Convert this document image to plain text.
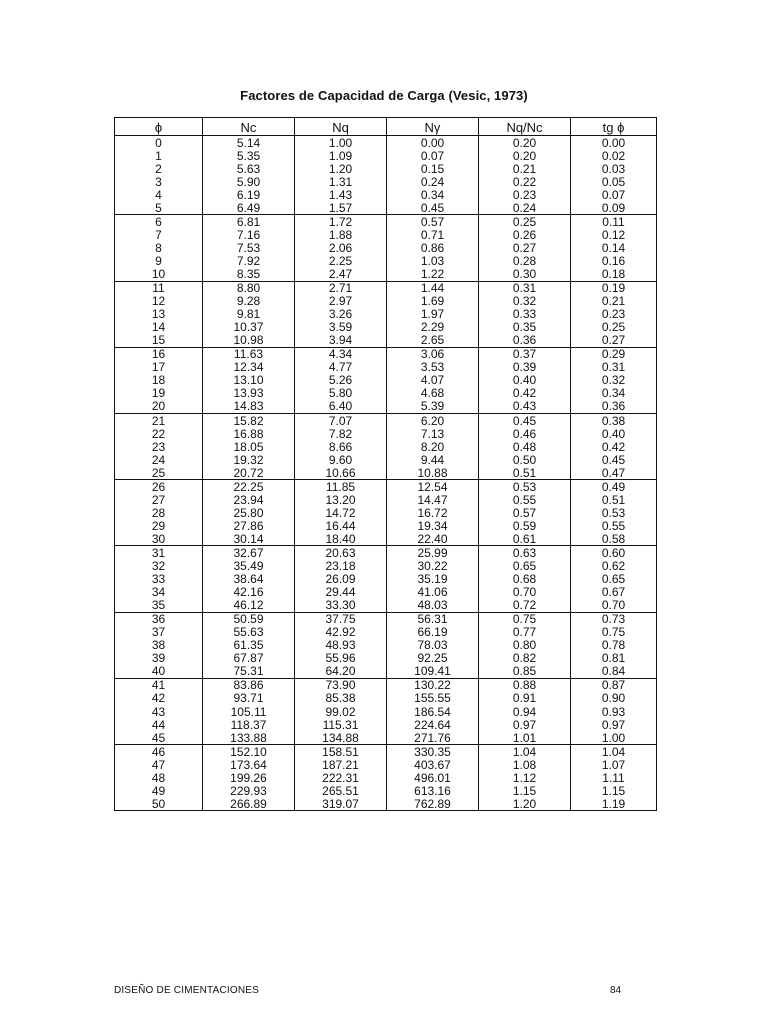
Factores de Capacidad de Carga (Vesic, 1973)
ϕ	Nc	Nq	Nγ	Nq/Nc	tg ϕ
0	5.14	1.00	0.00	0.20	0.00
1	5.35	1.09	0.07	0.20	0.02
2	5.63	1.20	0.15	0.21	0.03
3	5.90	1.31	0.24	0.22	0.05
4	6.19	1.43	0.34	0.23	0.07
5	6.49	1.57	0.45	0.24	0.09
6	6.81	1.72	0.57	0.25	0.11
7	7.16	1.88	0.71	0.26	0.12
8	7.53	2.06	0.86	0.27	0.14
9	7.92	2.25	1.03	0.28	0.16
10	8.35	2.47	1.22	0.30	0.18
11	8.80	2.71	1.44	0.31	0.19
12	9.28	2.97	1.69	0.32	0.21
13	9.81	3.26	1.97	0.33	0.23
14	10.37	3.59	2.29	0.35	0.25
15	10.98	3.94	2.65	0.36	0.27
16	11.63	4.34	3.06	0.37	0.29
17	12.34	4.77	3.53	0.39	0.31
18	13.10	5.26	4.07	0.40	0.32
19	13.93	5.80	4.68	0.42	0.34
20	14.83	6.40	5.39	0.43	0.36
21	15.82	7.07	6.20	0.45	0.38
22	16.88	7.82	7.13	0.46	0.40
23	18.05	8.66	8.20	0.48	0.42
24	19.32	9.60	9.44	0.50	0.45
25	20.72	10.66	10.88	0.51	0.47
26	22.25	11.85	12.54	0.53	0.49
27	23.94	13.20	14.47	0.55	0.51
28	25.80	14.72	16.72	0.57	0.53
29	27.86	16.44	19.34	0.59	0.55
30	30.14	18.40	22.40	0.61	0.58
31	32.67	20.63	25.99	0.63	0.60
32	35.49	23.18	30.22	0.65	0.62
33	38.64	26.09	35.19	0.68	0.65
34	42.16	29.44	41.06	0.70	0.67
35	46.12	33.30	48.03	0.72	0.70
36	50.59	37.75	56.31	0.75	0.73
37	55.63	42.92	66.19	0.77	0.75
38	61.35	48.93	78.03	0.80	0.78
39	67.87	55.96	92.25	0.82	0.81
40	75.31	64.20	109.41	0.85	0.84
41	83.86	73.90	130.22	0.88	0.87
42	93.71	85.38	155.55	0.91	0.90
43	105.11	99.02	186.54	0.94	0.93
44	118.37	115.31	224.64	0.97	0.97
45	133.88	134.88	271.76	1.01	1.00
46	152.10	158.51	330.35	1.04	1.04
47	173.64	187.21	403.67	1.08	1.07
48	199.26	222.31	496.01	1.12	1.11
49	229.93	265.51	613.16	1.15	1.15
50	266.89	319.07	762.89	1.20	1.19
DISEÑO DE CIMENTACIONES	84
